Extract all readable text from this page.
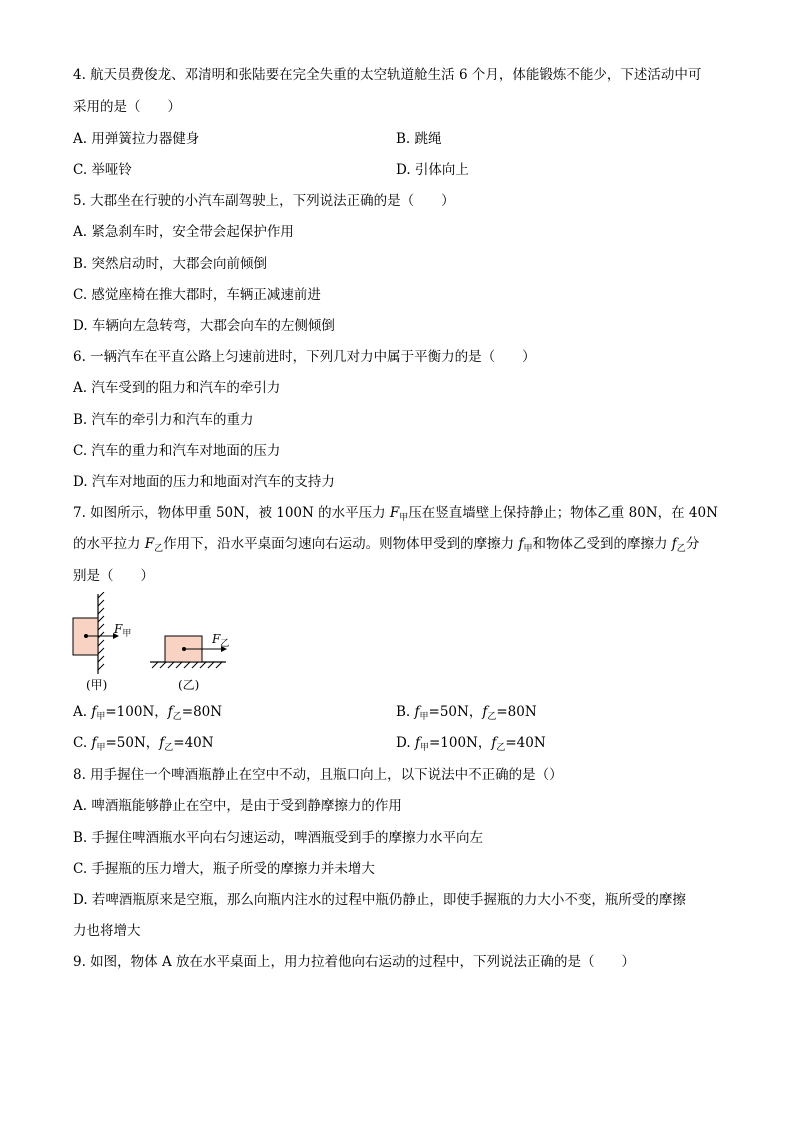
4. 航天员费俊龙、邓清明和张陆要在完全失重的太空轨道舱生活 6 个月，体能锻炼不能少，下述活动中可
采用的是（　　）
A. 用弹簧拉力器健身	B. 跳绳
C. 举哑铃	D. 引体向上
5. 大郡坐在行驶的小汽车副驾驶上，下列说法正确的是（　　）
A. 紧急刹车时，安全带会起保护作用
B. 突然启动时，大郡会向前倾倒
C. 感觉座椅在推大郡时，车辆正减速前进
D. 车辆向左急转弯，大郡会向车的左侧倾倒
6. 一辆汽车在平直公路上匀速前进时，下列几对力中属于平衡力的是（　　）
A. 汽车受到的阻力和汽车的牵引力
B. 汽车的牵引力和汽车的重力
C. 汽车的重力和汽车对地面的压力
D. 汽车对地面的压力和地面对汽车的支持力
7. 如图所示，物体甲重 50N，被 100N 的水平压力 $F_甲$压在竖直墙壁上保持静止；物体乙重 80N，在 40N
的水平拉力 $F_乙$作用下，沿水平桌面匀速向右运动。则物体甲受到的摩擦力 $f_甲$和物体乙受到的摩擦力 $f_乙$分
别是（　　）
$F_甲$	$F_乙$
(甲)	(乙)
A. $f_甲=100N$，$f_乙=80N$	B. $f_甲=50N$，$f_乙=80N$
C. $f_甲=50N$，$f_乙=40N$	D. $f_甲=100N$，$f_乙=40N$
8. 用手握住一个啤酒瓶静止在空中不动，且瓶口向上，以下说法中不正确的是（）
A. 啤酒瓶能够静止在空中，是由于受到静摩擦力的作用
B. 手握住啤酒瓶水平向右匀速运动，啤酒瓶受到手的摩擦力水平向左
C. 手握瓶的压力增大，瓶子所受的摩擦力并未增大
D. 若啤酒瓶原来是空瓶，那么向瓶内注水的过程中瓶仍静止，即使手握瓶的力大小不变，瓶所受的摩擦
力也将增大
9. 如图，物体 A 放在水平桌面上，用力拉着他向右运动的过程中，下列说法正确的是（　　）
